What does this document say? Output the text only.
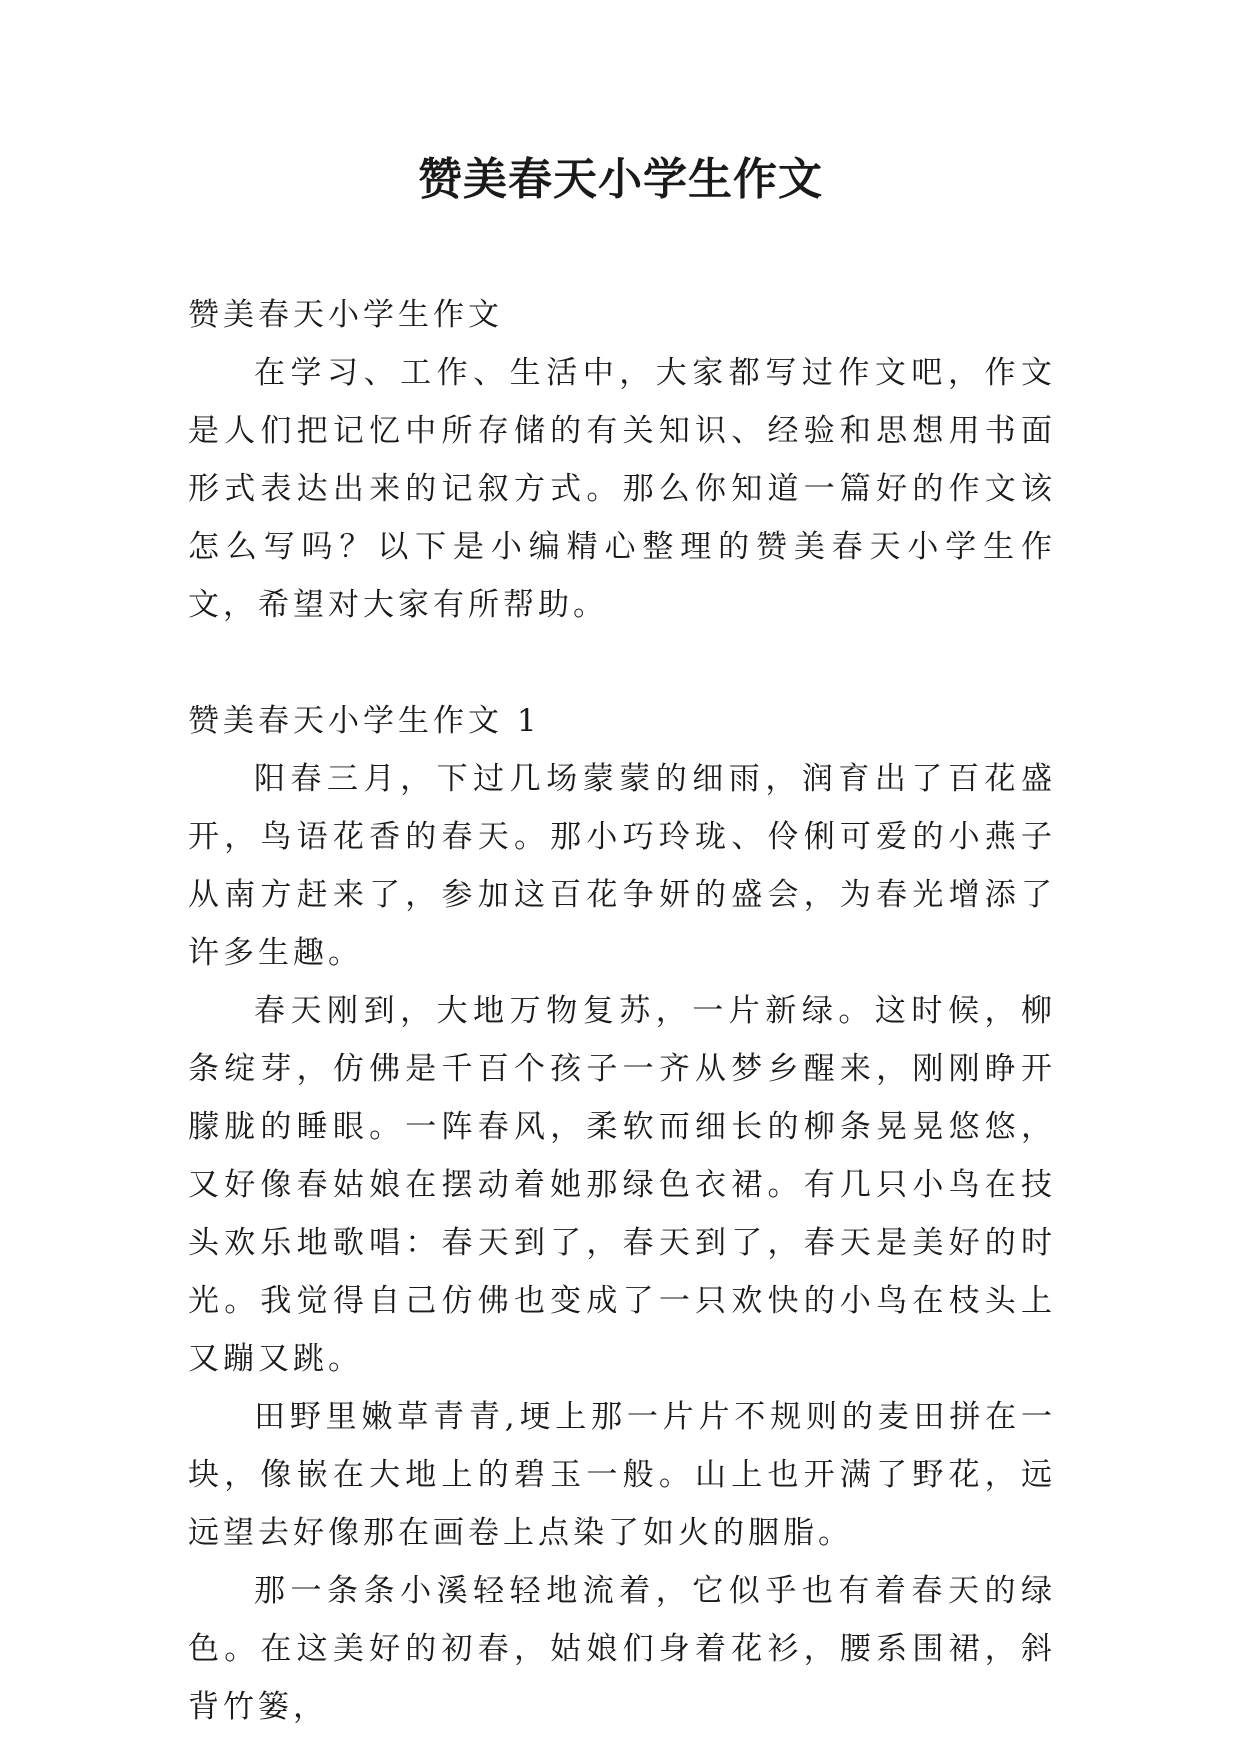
赞美春天小学生作文

赞美春天小学生作文

在学习、工作、生活中，大家都写过作文吧，作文是人们把记忆中所存储的有关知识、经验和思想用书面形式表达出来的记叙方式。那么你知道一篇好的作文该怎么写吗？以下是小编精心整理的赞美春天小学生作文，希望对大家有所帮助。

赞美春天小学生作文 1

阳春三月，下过几场蒙蒙的细雨，润育出了百花盛开，鸟语花香的春天。那小巧玲珑、伶俐可爱的小燕子从南方赶来了，参加这百花争妍的盛会，为春光增添了许多生趣。

春天刚到，大地万物复苏，一片新绿。这时候，柳条绽芽，仿佛是千百个孩子一齐从梦乡醒来，刚刚睁开朦胧的睡眼。一阵春风，柔软而细长的柳条晃晃悠悠，又好像春姑娘在摆动着她那绿色衣裙。有几只小鸟在技头欢乐地歌唱：春天到了，春天到了，春天是美好的时光。我觉得自己仿佛也变成了一只欢快的小鸟在枝头上又蹦又跳。

田野里嫩草青青,埂上那一片片不规则的麦田拼在一块，像嵌在大地上的碧玉一般。山上也开满了野花，远远望去好像那在画卷上点染了如火的胭脂。

那一条条小溪轻轻地流着，它似乎也有着春天的绿色。在这美好的初春，姑娘们身着花衫，腰系围裙，斜背竹篓，
